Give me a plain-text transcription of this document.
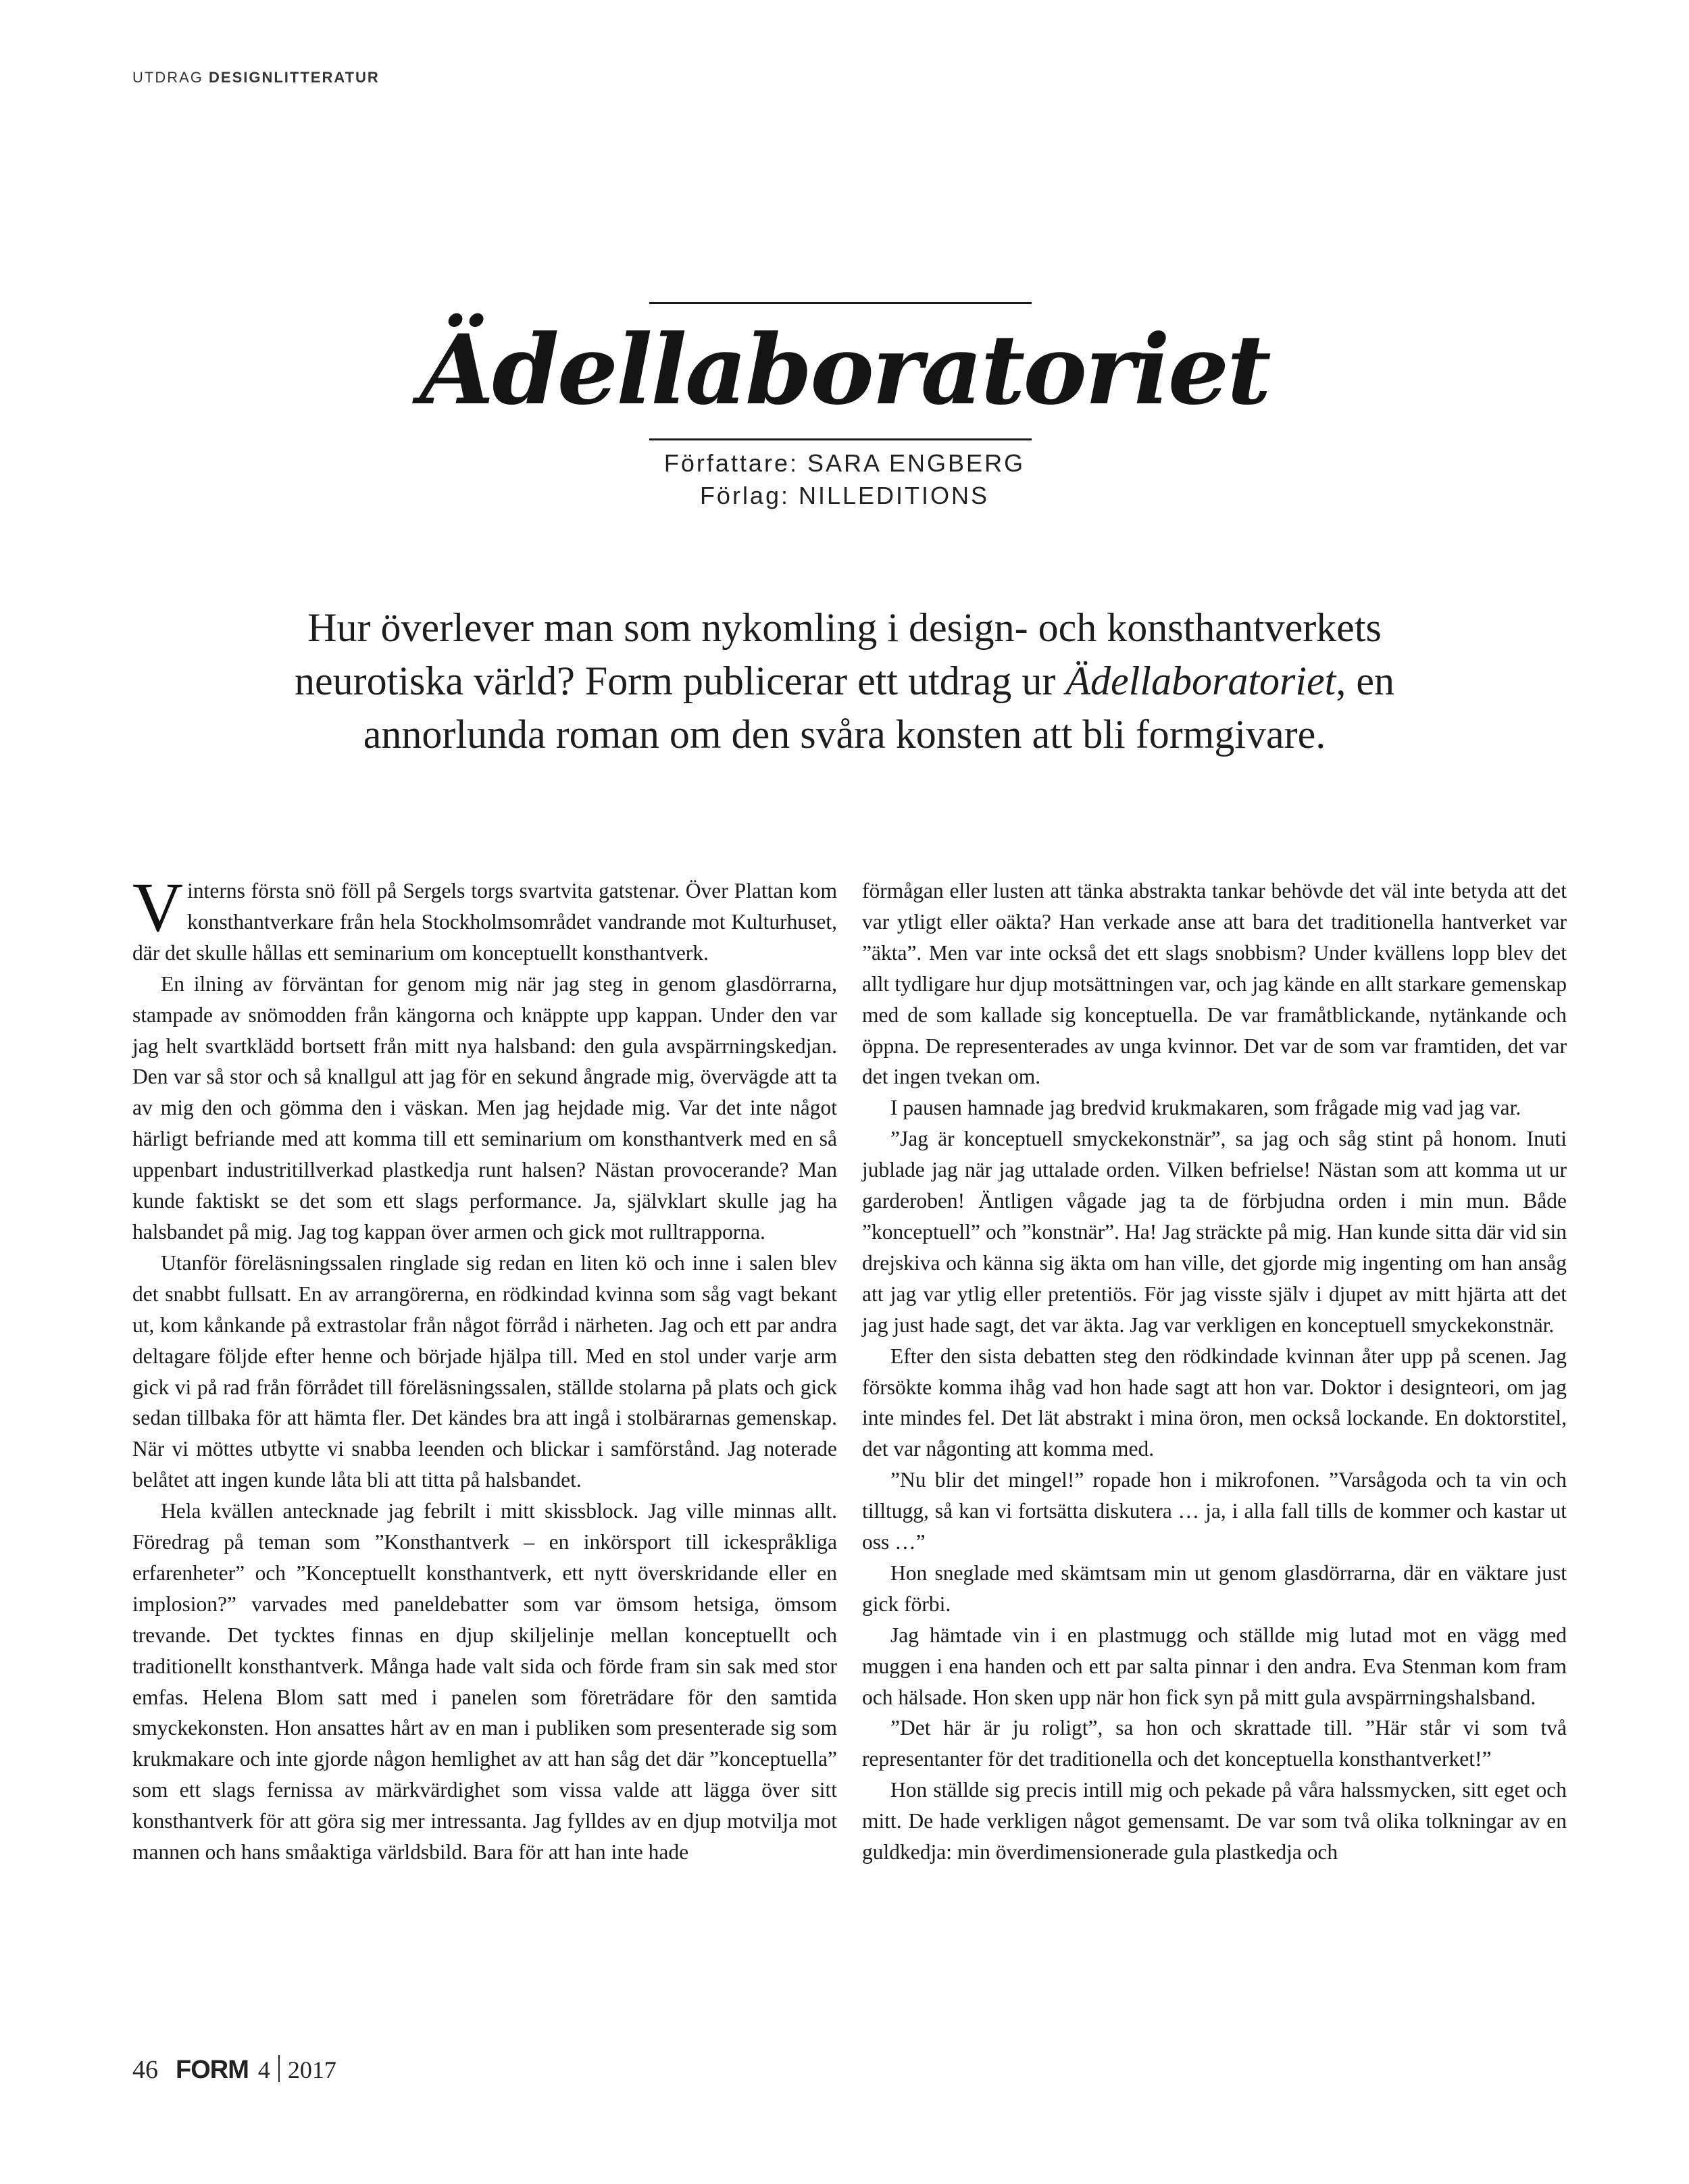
UTDRAG DESIGNLITTERATUR
Ädellaboratoriet
Författare: SARA ENGBERG
Förlag: NILLEDITIONS
Hur överlever man som nykomling i design- och konsthantverkets neurotiska värld? Form publicerar ett utdrag ur Ädellaboratoriet, en annorlunda roman om den svåra konsten att bli formgivare.

Vinterns första snö föll på Sergels torgs svartvita gatstenar. Över Plattan kom konsthantverkare från hela Stockholmsområdet vandrande mot Kulturhuset, där det skulle hållas ett seminarium om konceptuellt konsthantverk.

En ilning av förväntan for genom mig när jag steg in genom glasdörrarna, stampade av snömodden från kängorna och knäppte upp kappan. Under den var jag helt svartklädd bortsett från mitt nya halsband: den gula avspärrningskedjan. Den var så stor och så knallgul att jag för en sekund ångrade mig, övervägde att ta av mig den och gömma den i väskan. Men jag hejdade mig. Var det inte något härligt befriande med att komma till ett seminarium om konsthantverk med en så uppenbart industritillverkad plastkedja runt halsen? Nästan provocerande? Man kunde faktiskt se det som ett slags performance. Ja, självklart skulle jag ha halsbandet på mig. Jag tog kappan över armen och gick mot rulltrapporna.

Utanför föreläsningssalen ringlade sig redan en liten kö och inne i salen blev det snabbt fullsatt. En av arrangörerna, en rödkindad kvinna som såg vagt bekant ut, kom kånkande på extrastolar från något förråd i närheten. Jag och ett par andra deltagare följde efter henne och började hjälpa till. Med en stol under varje arm gick vi på rad från förrådet till föreläsningssalen, ställde stolarna på plats och gick sedan tillbaka för att hämta fler. Det kändes bra att ingå i stolbärarnas gemenskap. När vi möttes utbytte vi snabba leenden och blickar i samförstånd. Jag noterade belåtet att ingen kunde låta bli att titta på halsbandet.

Hela kvällen antecknade jag febrilt i mitt skissblock. Jag ville minnas allt. Föredrag på teman som ”Konsthantverk – en inkörsport till ickespråkliga erfarenheter” och ”Konceptuellt konsthantverk, ett nytt överskridande eller en implosion?” varvades med paneldebatter som var ömsom hetsiga, ömsom trevande. Det tycktes finnas en djup skiljelinje mellan konceptuellt och traditionellt konsthantverk. Många hade valt sida och förde fram sin sak med stor emfas. Helena Blom satt med i panelen som företrädare för den samtida smyckekonsten. Hon ansattes hårt av en man i publiken som presenterade sig som krukmakare och inte gjorde någon hemlighet av att han såg det där ”konceptuella” som ett slags fernissa av märkvärdighet som vissa valde att lägga över sitt konsthantverk för att göra sig mer intressanta. Jag fylldes av en djup motvilja mot mannen och hans småaktiga världsbild. Bara för att han inte hade

förmågan eller lusten att tänka abstrakta tankar behövde det väl inte betyda att det var ytligt eller oäkta? Han verkade anse att bara det traditionella hantverket var ”äkta”. Men var inte också det ett slags snobbism? Under kvällens lopp blev det allt tydligare hur djup motsättningen var, och jag kände en allt starkare gemenskap med de som kallade sig konceptuella. De var framåtblickande, nytänkande och öppna. De representerades av unga kvinnor. Det var de som var framtiden, det var det ingen tvekan om.

I pausen hamnade jag bredvid krukmakaren, som frågade mig vad jag var.

”Jag är konceptuell smyckekonstnär”, sa jag och såg stint på honom. Inuti jublade jag när jag uttalade orden. Vilken befrielse! Nästan som att komma ut ur garderoben! Äntligen vågade jag ta de förbjudna orden i min mun. Både ”konceptuell” och ”konstnär”. Ha! Jag sträckte på mig. Han kunde sitta där vid sin drejskiva och känna sig äkta om han ville, det gjorde mig ingenting om han ansåg att jag var ytlig eller pretentiös. För jag visste själv i djupet av mitt hjärta att det jag just hade sagt, det var äkta. Jag var verkligen en konceptuell smyckekonstnär.

Efter den sista debatten steg den rödkindade kvinnan åter upp på scenen. Jag försökte komma ihåg vad hon hade sagt att hon var. Doktor i designteori, om jag inte mindes fel. Det lät abstrakt i mina öron, men också lockande. En doktorstitel, det var någonting att komma med.

”Nu blir det mingel!” ropade hon i mikrofonen. ”Varsågoda och ta vin och tilltugg, så kan vi fortsätta diskutera … ja, i alla fall tills de kommer och kastar ut oss …”

Hon sneglade med skämtsam min ut genom glasdörrarna, där en väktare just gick förbi.

Jag hämtade vin i en plastmugg och ställde mig lutad mot en vägg med muggen i ena handen och ett par salta pinnar i den andra. Eva Stenman kom fram och hälsade. Hon sken upp när hon fick syn på mitt gula avspärrningshalsband.

”Det här är ju roligt”, sa hon och skrattade till. ”Här står vi som två representanter för det traditionella och det konceptuella konsthantverket!”

Hon ställde sig precis intill mig och pekade på våra halssmycken, sitt eget och mitt. De hade verkligen något gemensamt. De var som två olika tolkningar av en guldkedja: min överdimensionerade gula plastkedja och

46 FORM 4 2017
